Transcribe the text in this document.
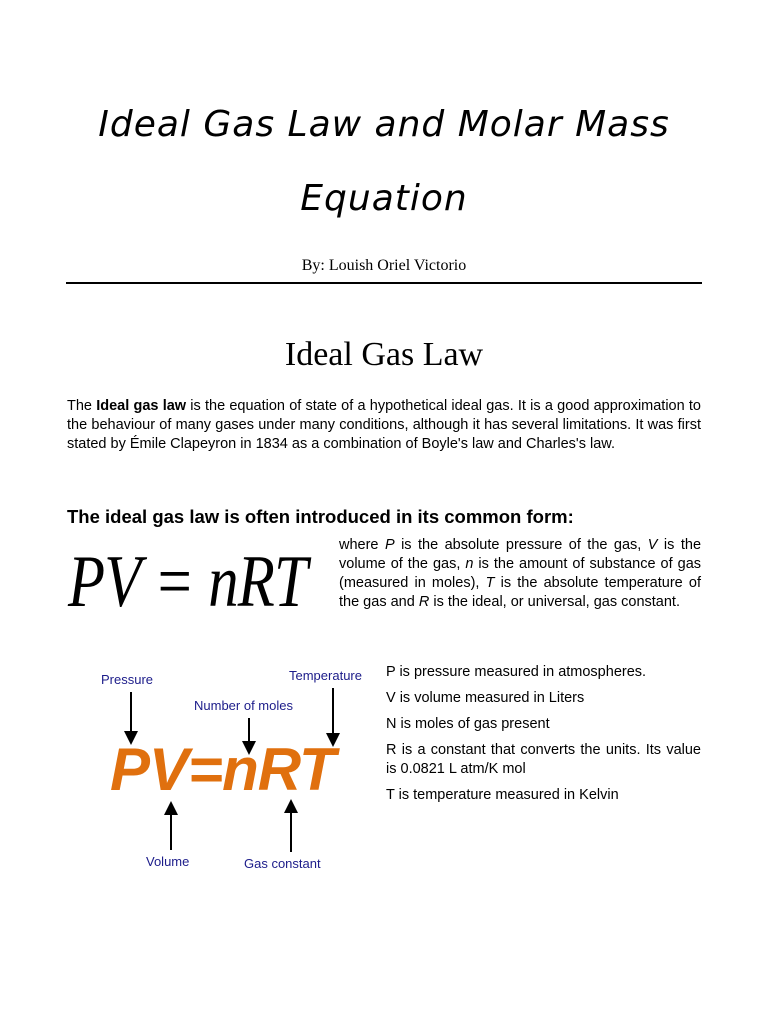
Ideal Gas Law and Molar Mass
Equation
By: Louish Oriel Victorio
Ideal Gas Law
The Ideal gas law is the equation of state of a hypothetical ideal gas. It is a good approximation to the behaviour of many gases under many conditions, although it has several limitations. It was first stated by Émile Clapeyron in 1834 as a combination of Boyle's law and Charles's law.
The ideal gas law is often introduced in its common form:
PV = nRT where P is the absolute pressure of the gas, V is the volume of the gas, n is the amount of substance of gas (measured in moles), T is the absolute temperature of the gas and R is the ideal, or universal, gas constant.
Pressure
Number of moles
Temperature
Volume	Gas constant
PV=nRT

P is pressure measured in atmospheres.

V is volume measured in Liters

N is moles of gas present

R is a constant that converts the units. Its value is 0.0821 L atm/K mol

T is temperature measured in Kelvin
